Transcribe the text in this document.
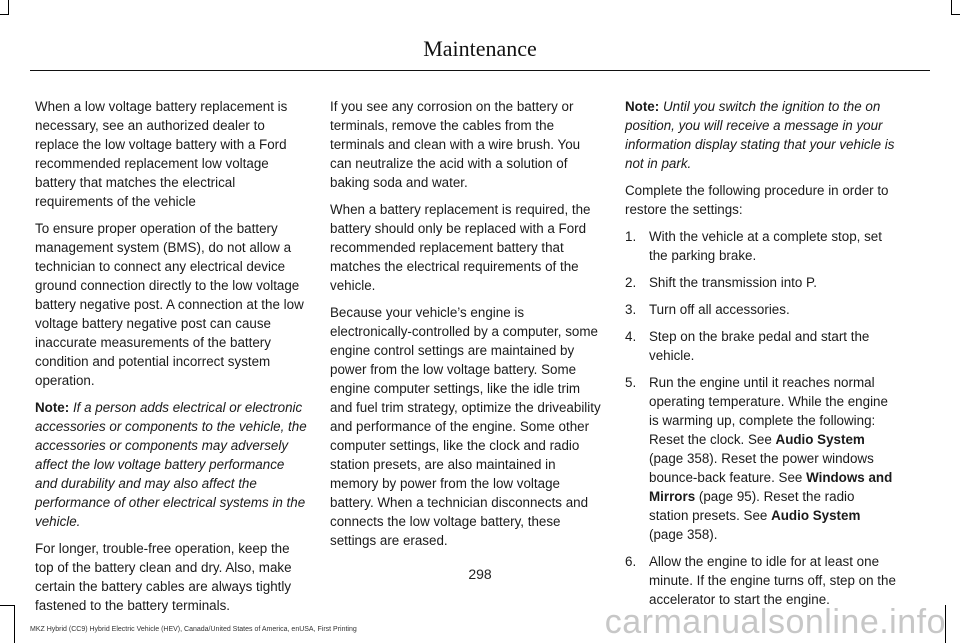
Maintenance

When a low voltage battery replacement is necessary, see an authorized dealer to replace the low voltage battery with a Ford recommended replacement low voltage battery that matches the electrical requirements of the vehicle

To ensure proper operation of the battery management system (BMS), do not allow a technician to connect any electrical device ground connection directly to the low voltage battery negative post. A connection at the low voltage battery negative post can cause inaccurate measurements of the battery condition and potential incorrect system operation.

Note: If a person adds electrical or electronic accessories or components to the vehicle, the accessories or components may adversely affect the low voltage battery performance and durability and may also affect the performance of other electrical systems in the vehicle.

For longer, trouble-free operation, keep the top of the battery clean and dry. Also, make certain the battery cables are always tightly fastened to the battery terminals.

If you see any corrosion on the battery or terminals, remove the cables from the terminals and clean with a wire brush. You can neutralize the acid with a solution of baking soda and water.

When a battery replacement is required, the battery should only be replaced with a Ford recommended replacement battery that matches the electrical requirements of the vehicle.

Because your vehicle’s engine is electronically-controlled by a computer, some engine control settings are maintained by power from the low voltage battery. Some engine computer settings, like the idle trim and fuel trim strategy, optimize the driveability and performance of the engine. Some other computer settings, like the clock and radio station presets, are also maintained in memory by power from the low voltage battery. When a technician disconnects and connects the low voltage battery, these settings are erased.

Note: Until you switch the ignition to the on position, you will receive a message in your information display stating that your vehicle is not in park.

Complete the following procedure in order to restore the settings:

1. With the vehicle at a complete stop, set the parking brake.
2. Shift the transmission into P.
3. Turn off all accessories.
4. Step on the brake pedal and start the vehicle.
5. Run the engine until it reaches normal operating temperature. While the engine is warming up, complete the following: Reset the clock. See Audio System (page 358). Reset the power windows bounce-back feature. See Windows and Mirrors (page 95). Reset the radio station presets. See Audio System (page 358).
6. Allow the engine to idle for at least one minute. If the engine turns off, step on the accelerator to start the engine.
298
MKZ Hybrid (CC9) Hybrid Electric Vehicle (HEV), Canada/United States of America, enUSA, First Printing	carmanualsonline.info
